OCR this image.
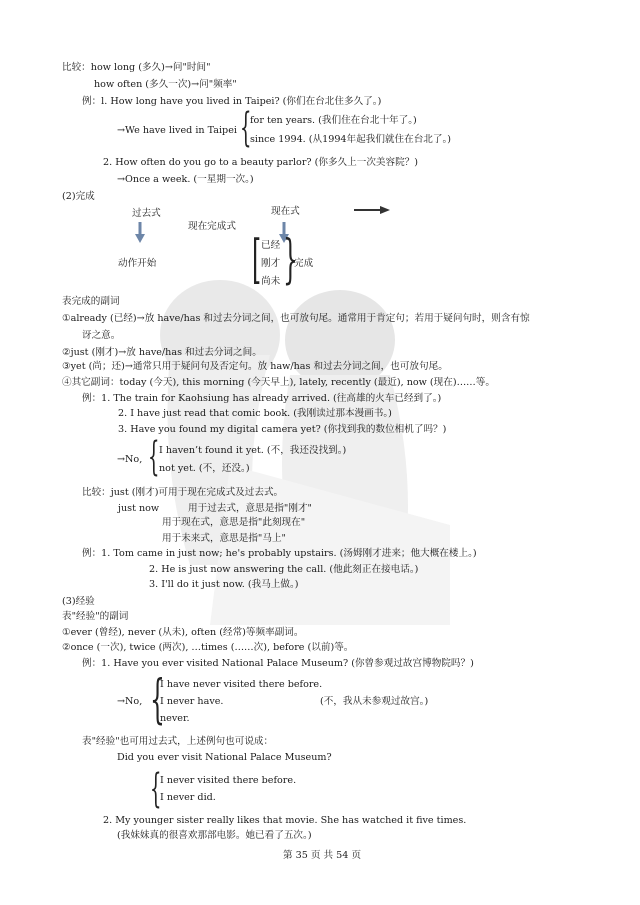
比较：how long (多久)→问"时间"
how often (多久一次)→问"频率"
例：l. How long have you lived in Taipei? (你们在台北住多久了。)
→We have lived in Taipei {
for ten years. (我们住在台北十年了。)
since 1994. (从1994年起我们就住在台北了。)
2. How often do you go to a beauty parlor? (你多久上一次美容院？)
→Once a week. (一星期一次。)
(2)完成
过去式	现在式
现在完成式
动作开始 [ 已经
刚才
尚未 }
完成
表完成的副词
①already (已经)→放 have/has 和过去分词之间，也可放句尾。通常用于肯定句；若用于疑问句时，则含有惊
讶之意。
②just (刚才)→放 have/has 和过去分词之间。
③yet (尚；还)→通常只用于疑问句及否定句。放 haw/has 和过去分词之间，也可放句尾。
④其它副词：today (今天), this morning (今天早上), lately, recently (最近), now (现在)……等。
例：1. The train for Kaohsiung has already arrived. (往高雄的火车已经到了。)
2. I have just read that comic book. (我刚读过那本漫画书。)
3. Have you found my digital camera yet? (你找到我的数位相机了吗？)
→No, { I haven’t found it yet. (不，我还没找到。)
not yet. (不，还没。)
比较：just (刚才)可用于现在完成式及过去式。
just now	用于过去式，意思是指"刚才"
用于现在式，意思是指"此刻现在"
用于未来式，意思是指"马上"
例：1. Tom came in just now; he's probably upstairs. (汤姆刚才进来；他大概在楼上。)
2. He is just now answering the call. (他此刻正在接电话。)
3. I'll do it just now. (我马上做。)
(3)经验
表"经验"的副词
①ever (曾经), never (从未), often (经常)等频率副词。
②once (一次), twice (两次), …times (……次), before (以前)等。
例：1. Have you ever visited National Palace Museum? (你曾参观过故宫博物院吗？)
→No, {
I have never visited there before.
I never have.
never.
(不，我从未参观过故宫。)
表"经验"也可用过去式，上述例句也可说成：
Did you ever visit National Palace Museum?
{
I never visited there before.
I never did.
2. My younger sister really likes that movie. She has watched it five times.
(我妹妹真的很喜欢那部电影。她已看了五次。)
第 35 页 共 54 页
